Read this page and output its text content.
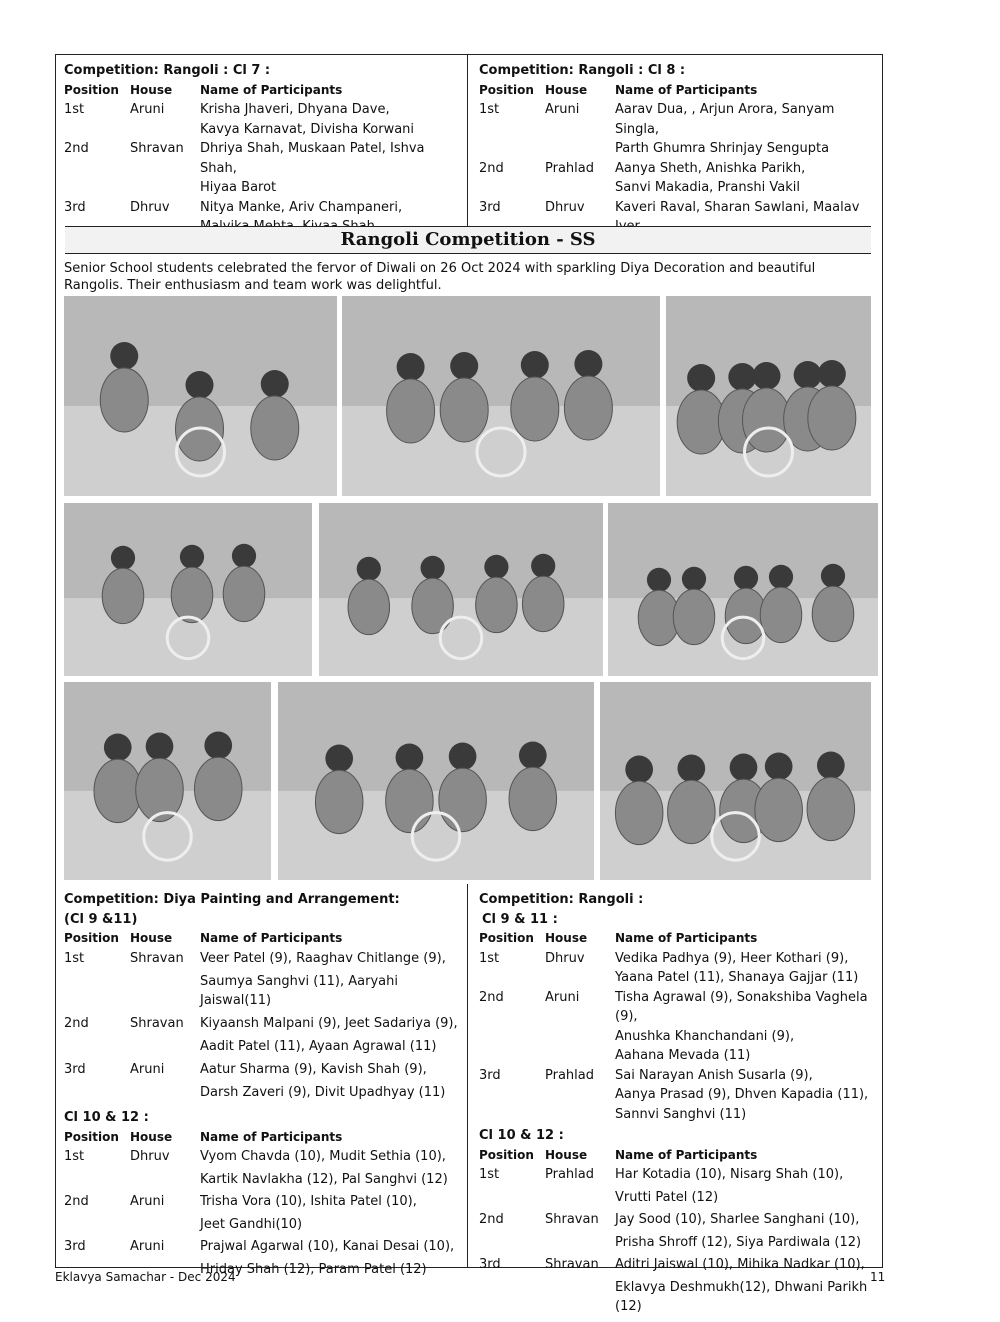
Competition: Rangoli : Cl 7 :
Position	House	Name of Participants
1st	Aruni	Krisha Jhaveri, Dhyana Dave,
Kavya Karnavat, Divisha Korwani

2nd	Shravan	Dhriya Shah, Muskaan Patel, Ishva Shah,
Hiyaa Barot

3rd	Dhruv	Nitya Manke, Ariv Champaneri,
Competition: Rangoli : Cl 8 :
Position	House	Name of Participants
1st	Aruni	Aarav Dua, , Arjun Arora, Sanyam Singla,
Parth Ghumra Shrinjay Sengupta

2nd	Prahlad	Aanya Sheth, Anishka Parikh,
Sanvi Makadia, Pranshi Vakil

3rd	Dhruv	Kaveri Raval, Sharan Sawlani, Maalav
Rangoli Competition - SS
Senior School students celebrated the fervor of Diwali on 26 Oct 2024 with sparkling Diya Decoration and beautiful Rangolis. Their enthusiasm and team work was delightful.
Competition: Diya Painting and Arrangement:
(Cl 9 &11)
Position	House	Name of Participants
1st	Shravan	Veer Patel (9), Raaghav Chitlange (9),
Saumya Sanghvi (11), Aaryahi Jaiswal(11)

2nd	Shravan	Kiyaansh Malpani (9), Jeet Sadariya (9),
Aadit Patel (11), Ayaan Agrawal (11)

3rd	Aruni	Aatur Sharma (9), Kavish Shah (9),
Darsh Zaveri (9), Divit Upadhyay (11)
Cl 10 & 12 :
Position	House	Name of Participants
1st	Dhruv	Vyom Chavda (10), Mudit Sethia (10),
Kartik Navlakha (12), Pal Sanghvi (12)

2nd	Aruni	Trisha Vora (10), Ishita Patel (10),
Jeet Gandhi(10)

3rd	Aruni	Prajwal Agarwal (10), Kanai Desai (10),
Hriday Shah (12), Param Patel (12)
Competition: Rangoli :
Cl 9 & 11 :
Position	House	Name of Participants
1st	Dhruv	Vedika Padhya (9), Heer Kothari (9),
Yaana Patel (11), Shanaya Gajjar (11)

2nd	Aruni	Tisha Agrawal (9), Sonakshiba Vaghela (9),
Anushka Khanchandani (9),
Aahana Mevada (11)

3rd	Prahlad	Sai Narayan Anish Susarla (9),
Aanya Prasad (9), Dhven Kapadia (11),
Sannvi Sanghvi (11)
Cl 10 & 12 :
Position	House	Name of Participants
1st	Prahlad	Har Kotadia (10), Nisarg Shah (10),
Vrutti Patel (12)

2nd	Shravan	Jay Sood (10), Sharlee Sanghani (10),
Prisha Shroff (12), Siya Pardiwala (12)

3rd	Shravan	Aditri Jaiswal (10), Mihika Nadkar (10),
Eklavya Deshmukh(12), Dhwani Parikh (12)
Eklavya Samachar - Dec 2024	11
